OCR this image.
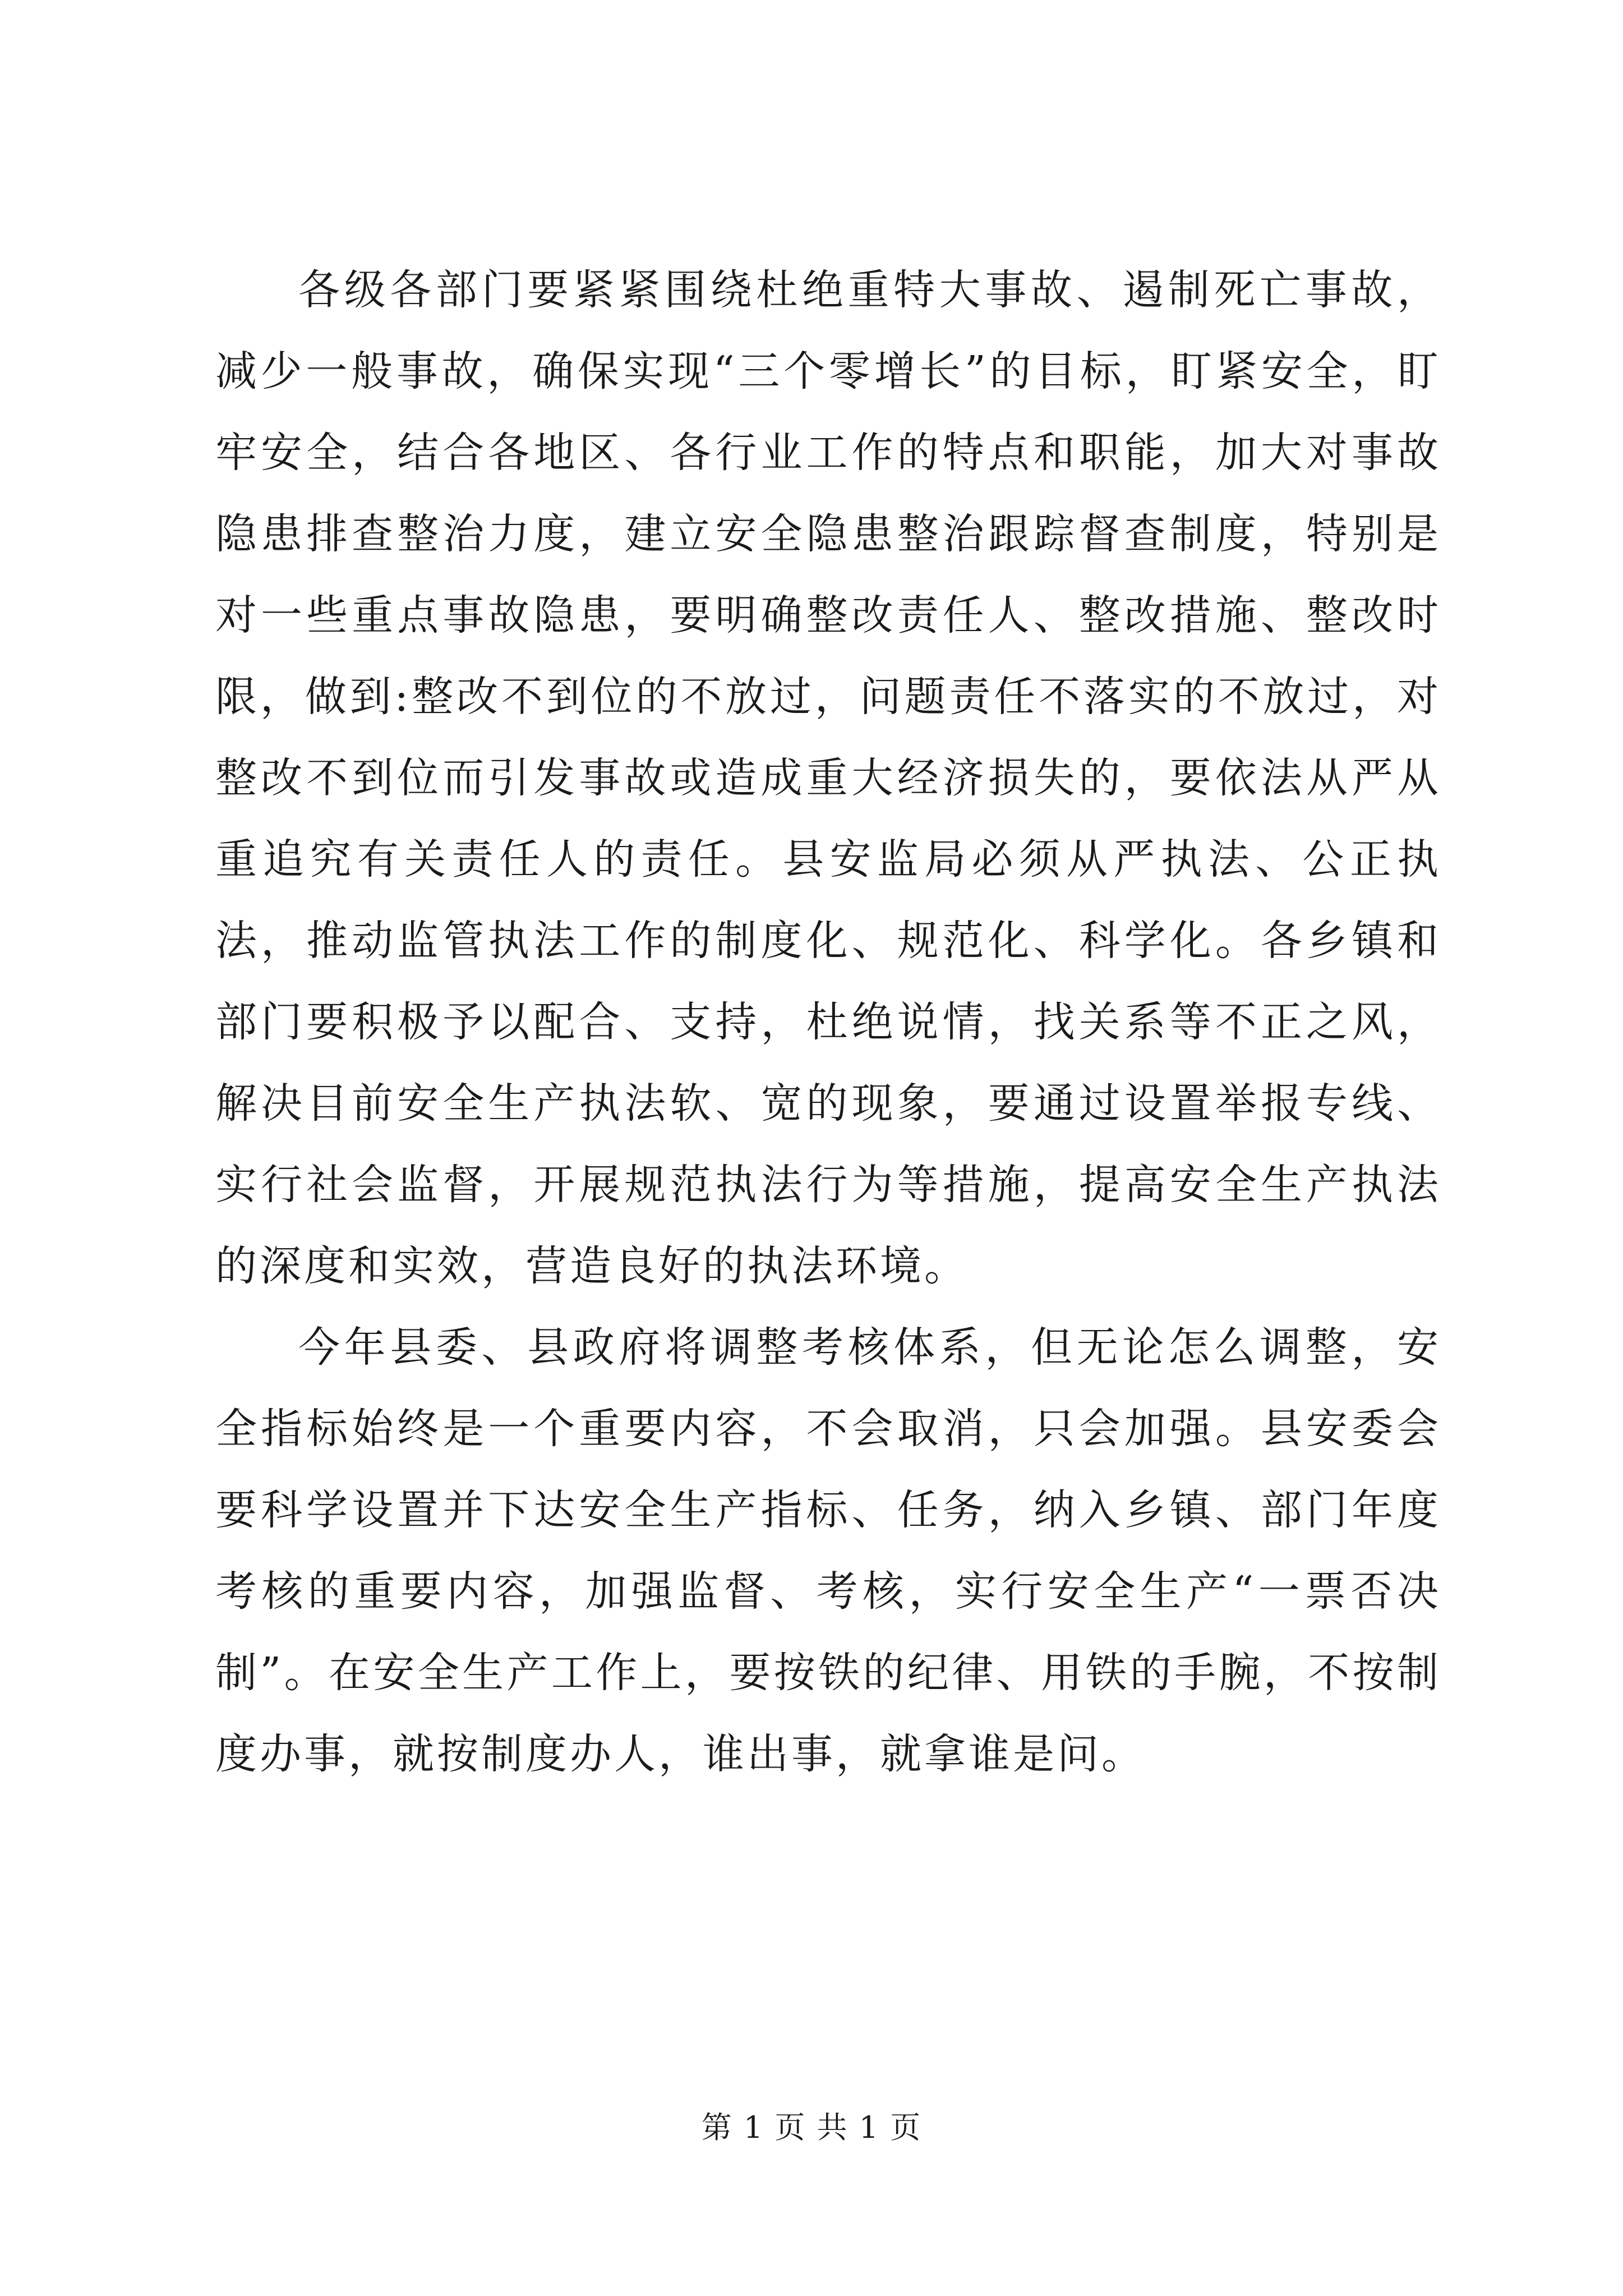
各级各部门要紧紧围绕杜绝重特大事故、遏制死亡事故，减少一般事故，确保实现“三个零增长”的目标，盯紧安全，盯牢安全，结合各地区、各行业工作的特点和职能，加大对事故隐患排查整治力度，建立安全隐患整治跟踪督查制度，特别是对一些重点事故隐患，要明确整改责任人、整改措施、整改时限，做到:整改不到位的不放过，问题责任不落实的不放过，对整改不到位而引发事故或造成重大经济损失的，要依法从严从重追究有关责任人的责任。县安监局必须从严执法、公正执法，推动监管执法工作的制度化、规范化、科学化。各乡镇和部门要积极予以配合、支持，杜绝说情，找关系等不正之风，解决目前安全生产执法软、宽的现象，要通过设置举报专线、实行社会监督，开展规范执法行为等措施，提高安全生产执法的深度和实效，营造良好的执法环境。

今年县委、县政府将调整考核体系，但无论怎么调整，安全指标始终是一个重要内容，不会取消，只会加强。县安委会要科学设置并下达安全生产指标、任务，纳入乡镇、部门年度考核的重要内容，加强监督、考核，实行安全生产“一票否决制”。在安全生产工作上，要按铁的纪律、用铁的手腕，不按制度办事，就按制度办人，谁出事，就拿谁是问。

第 1 页 共 1 页
